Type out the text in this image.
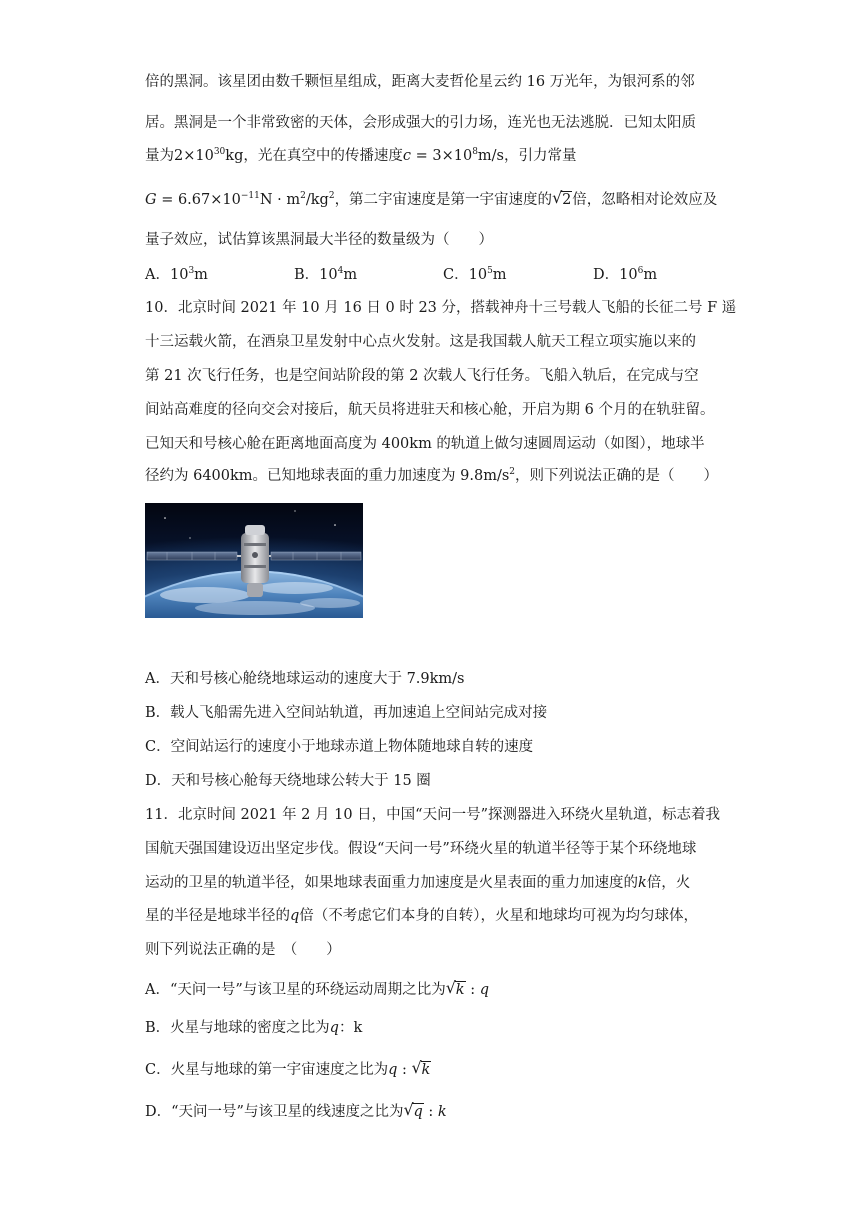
倍的黑洞。该星团由数千颗恒星组成，距离大麦哲伦星云约 16 万光年，为银河系的邻
居。黑洞是一个非常致密的天体，会形成强大的引力场，连光也无法逃脱．已知太阳质
量为$2\times 10^{30}kg$，光在真空中的传播速度$c = 3\times 10^8m/s$，引力常量
$G = 6.67\times 10^{-11}N \cdot m^2/kg^2$，第二宇宙速度是第一宇宙速度的 √ 2倍，忽略相对论效应及
量子效应，试估算该黑洞最大半径的数量级为（　　）
A．$10^3m$	B．$10^4m$	C．$10^5m$	D．$10^6m$
10．北京时间 2021 年 10 月 16 日 0 时 23 分，搭载神舟十三号载人飞船的长征二号 F 遥
十三运载火箭，在酒泉卫星发射中心点火发射。这是我国载人航天工程立项实施以来的
第 21 次飞行任务，也是空间站阶段的第 2 次载人飞行任务。飞船入轨后，在完成与空
间站高难度的径向交会对接后，航天员将进驻天和核心舱，开启为期 6 个月的在轨驻留。
已知天和号核心舱在距离地面高度为 400km 的轨道上做匀速圆周运动（如图），地球半
径约为 6400km。已知地球表面的重力加速度为 $9.8m/s^2$，则下列说法正确的是（　　）
A．天和号核心舱绕地球运动的速度大于 7.9km/s
B．载人飞船需先进入空间站轨道，再加速追上空间站完成对接
C．空间站运行的速度小于地球赤道上物体随地球自转的速度
D．天和号核心舱每天绕地球公转大于 15 圈
11．北京时间 2021 年 2 月 10 日，中国“天问一号”探测器进入环绕火星轨道，标志着我
国航天强国建设迈出坚定步伐。假设“天问一号”环绕火星的轨道半径等于某个环绕地球
运动的卫星的轨道半径，如果地球表面重力加速度是火星表面的重力加速度的k倍，火
星的半径是地球半径的q倍（不考虑它们本身的自转），火星和地球均可视为均匀球体，
则下列说法正确的是　（　　）
A．“天问一号”与该卫星的环绕运动周期之比为 √ k : q
B．火星与地球的密度之比为q：k
C．火星与地球的第一宇宙速度之比为q : √ k
D．“天问一号”与该卫星的线速度之比为 √ q : k
